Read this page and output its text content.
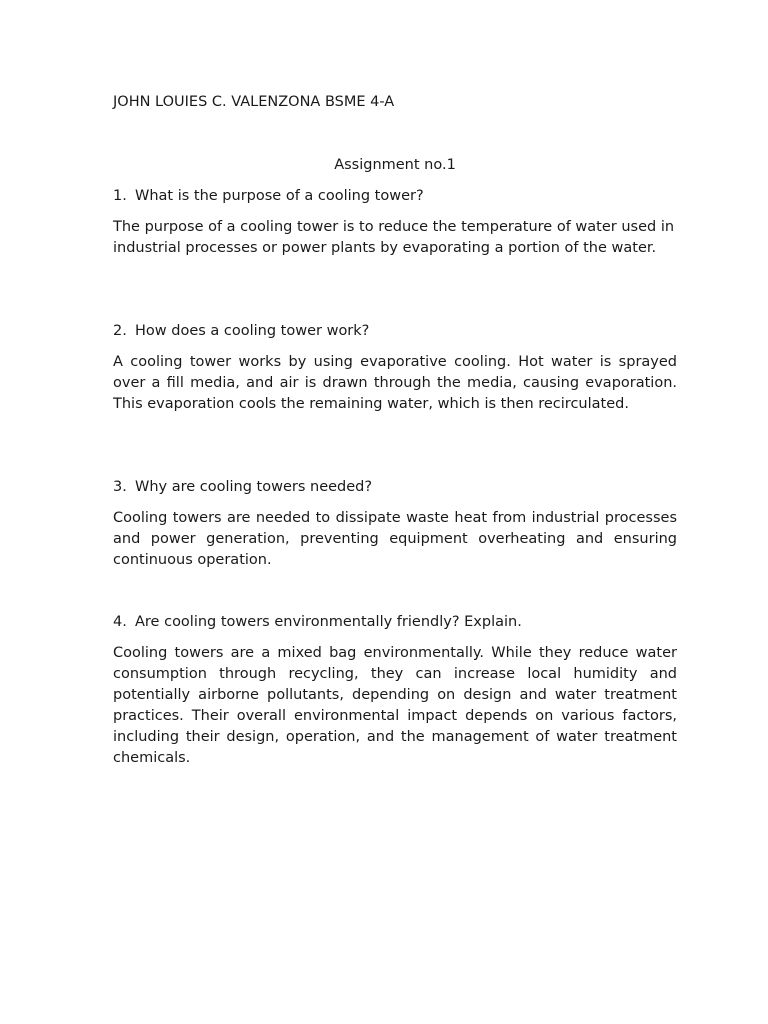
JOHN LOUIES C. VALENZONA BSME 4-A
Assignment no.1

1. What is the purpose of a cooling tower?

The purpose of a cooling tower is to reduce the temperature of water used in industrial processes or power plants by evaporating a portion of the water.

2. How does a cooling tower work?

A cooling tower works by using evaporative cooling. Hot water is sprayed over a fill media, and air is drawn through the media, causing evaporation. This evaporation cools the remaining water, which is then recirculated.

3. Why are cooling towers needed?

Cooling towers are needed to dissipate waste heat from industrial processes and power generation, preventing equipment overheating and ensuring continuous operation.

4. Are cooling towers environmentally friendly? Explain.

Cooling towers are a mixed bag environmentally. While they reduce water consumption through recycling, they can increase local humidity and potentially airborne pollutants, depending on design and water treatment practices. Their overall environmental impact depends on various factors, including their design, operation, and the management of water treatment chemicals.
